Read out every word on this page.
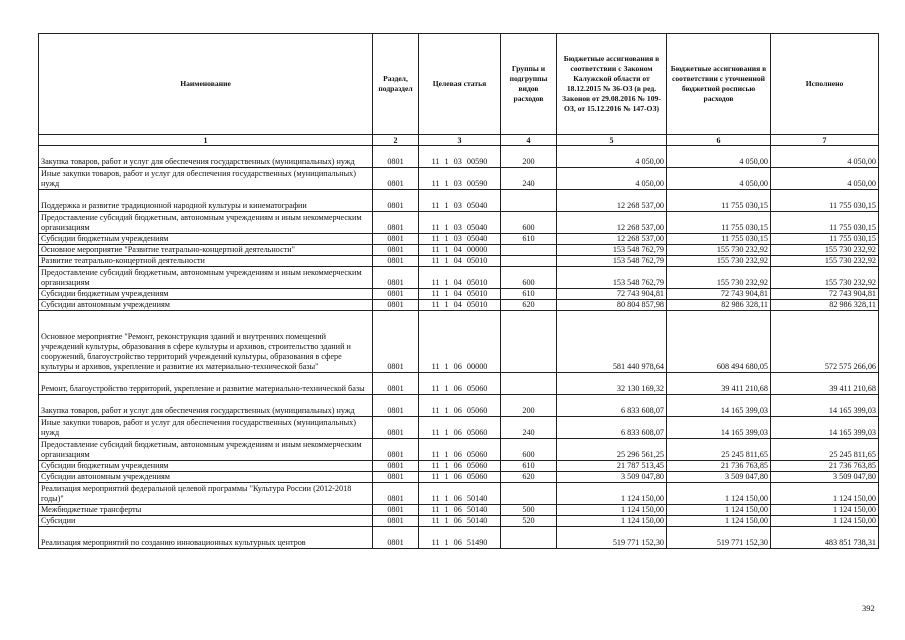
Наименование	Раздел, подраздел	Целевая статья	Группы и подгруппы видов расходов	Бюджетные ассигнования в соответствии с Законом Калужской области от 18.12.2015 № 36-ОЗ (в ред. Законов от 29.08.2016 № 109-ОЗ, от 15.12.2016 № 147-ОЗ)	Бюджетные ассигнования в соответствии с уточненной бюджетной росписью расходов	Исполнено
1	2	3	4	5	6	7
Закупка товаров, работ и услуг для обеспечения государственных (муниципальных) нужд	0801	11 1 03 00590	200	4 050,00	4 050,00	4 050,00
Иные закупки товаров, работ и услуг для обеспечения государственных (муниципальных) нужд	0801	11 1 03 00590	240	4 050,00	4 050,00	4 050,00
Поддержка и развитие традиционной народной культуры и кинематографии	0801	11 1 03 05040		12 268 537,00	11 755 030,15	11 755 030,15
Предоставление субсидий бюджетным, автономным учреждениям и иным некоммерческим организациям	0801	11 1 03 05040	600	12 268 537,00	11 755 030,15	11 755 030,15
Субсидии бюджетным учреждениям	0801	11 1 03 05040	610	12 268 537,00	11 755 030,15	11 755 030,15
Основное мероприятие "Развитие театрально-концертной деятельности"	0801	11 1 04 00000		153 548 762,79	155 730 232,92	155 730 232,92
Развитие театрально-концертной деятельности	0801	11 1 04 05010		153 548 762,79	155 730 232,92	155 730 232,92
Предоставление субсидий бюджетным, автономным учреждениям и иным некоммерческим организациям	0801	11 1 04 05010	600	153 548 762,79	155 730 232,92	155 730 232,92
Субсидии бюджетным учреждениям	0801	11 1 04 05010	610	72 743 904,81	72 743 904,81	72 743 904,81
Субсидии автономным учреждениям	0801	11 1 04 05010	620	80 804 857,98	82 986 328,11	82 986 328,11
Основное мероприятие "Ремонт, реконструкция зданий и внутренних помещений учреждений культуры, образования в сфере культуры и архивов, строительство зданий и сооружений, благоустройство территорий учреждений культуры, образования в сфере культуры и архивов, укрепление и развитие их материально-технической базы"	0801	11 1 06 00000		581 440 978,64	608 494 680,05	572 575 266,06
Ремонт, благоустройство территорий, укрепление и развитие материально-технической базы	0801	11 1 06 05060		32 130 169,32	39 411 210,68	39 411 210,68
Закупка товаров, работ и услуг для обеспечения государственных (муниципальных) нужд	0801	11 1 06 05060	200	6 833 608,07	14 165 399,03	14 165 399,03
Иные закупки товаров, работ и услуг для обеспечения государственных (муниципальных) нужд	0801	11 1 06 05060	240	6 833 608,07	14 165 399,03	14 165 399,03
Предоставление субсидий бюджетным, автономным учреждениям и иным некоммерческим организациям	0801	11 1 06 05060	600	25 296 561,25	25 245 811,65	25 245 811,65
Субсидии бюджетным учреждениям	0801	11 1 06 05060	610	21 787 513,45	21 736 763,85	21 736 763,85
Субсидии автономным учреждениям	0801	11 1 06 05060	620	3 509 047,80	3 509 047,80	3 509 047,80
Реализация мероприятий федеральной целевой программы "Культура России (2012-2018 годы)"	0801	11 1 06 50140		1 124 150,00	1 124 150,00	1 124 150,00
Межбюджетные трансферты	0801	11 1 06 50140	500	1 124 150,00	1 124 150,00	1 124 150,00
Субсидии	0801	11 1 06 50140	520	1 124 150,00	1 124 150,00	1 124 150,00
Реализация мероприятий по созданию инновационных культурных центров	0801	11 1 06 51490		519 771 152,30	519 771 152,30	483 851 738,31
392
